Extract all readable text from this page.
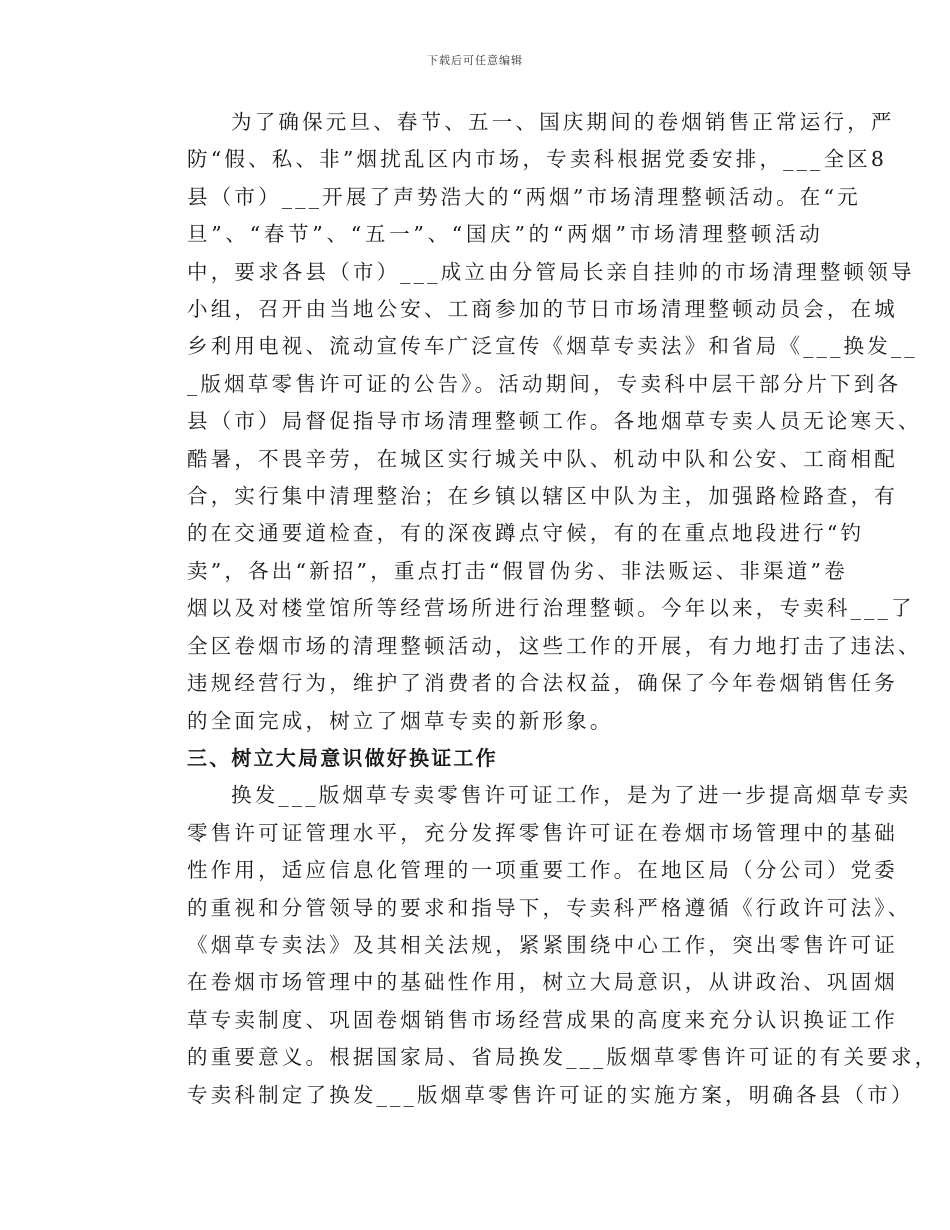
下载后可任意编辑
为了确保元旦、春节、五一、国庆期间的卷烟销售正常运行，严
防“假、私、非”烟扰乱区内市场，专卖科根据党委安排，___全区8
县（市）___开展了声势浩大的“两烟”市场清理整顿活动。在“元
旦”、“春节”、“五一”、“国庆”的“两烟”市场清理整顿活动
中，要求各县（市）___成立由分管局长亲自挂帅的市场清理整顿领导
小组，召开由当地公安、工商参加的节日市场清理整顿动员会，在城
乡利用电视、流动宣传车广泛宣传《烟草专卖法》和省局《___换发__
_版烟草零售许可证的公告》。活动期间，专卖科中层干部分片下到各
县（市）局督促指导市场清理整顿工作。各地烟草专卖人员无论寒天、
酷暑，不畏辛劳，在城区实行城关中队、机动中队和公安、工商相配
合，实行集中清理整治；在乡镇以辖区中队为主，加强路检路查，有
的在交通要道检查，有的深夜蹲点守候，有的在重点地段进行“钓
卖”，各出“新招”，重点打击“假冒伪劣、非法贩运、非渠道”卷
烟以及对楼堂馆所等经营场所进行治理整顿。今年以来，专卖科___了
全区卷烟市场的清理整顿活动，这些工作的开展，有力地打击了违法、
违规经营行为，维护了消费者的合法权益，确保了今年卷烟销售任务
的全面完成，树立了烟草专卖的新形象。
三、树立大局意识做好换证工作
换发___版烟草专卖零售许可证工作，是为了进一步提高烟草专卖
零售许可证管理水平，充分发挥零售许可证在卷烟市场管理中的基础
性作用，适应信息化管理的一项重要工作。在地区局（分公司）党委
的重视和分管领导的要求和指导下，专卖科严格遵循《行政许可法》、
《烟草专卖法》及其相关法规，紧紧围绕中心工作，突出零售许可证
在卷烟市场管理中的基础性作用，树立大局意识，从讲政治、巩固烟
草专卖制度、巩固卷烟销售市场经营成果的高度来充分认识换证工作
的重要意义。根据国家局、省局换发___版烟草零售许可证的有关要求，
专卖科制定了换发___版烟草零售许可证的实施方案，明确各县（市）
